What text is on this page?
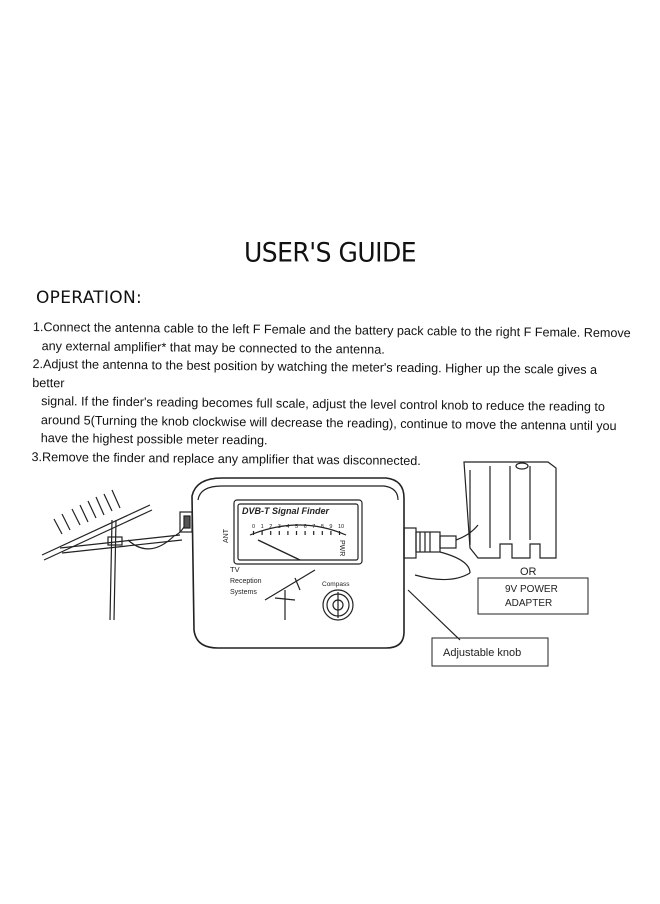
USER'S GUIDE
OPERATION:

1.Connect the antenna cable to the left F Female and the battery pack cable to the right F Female. Remove

any external amplifier* that may be connected to the antenna.

2.Adjust the antenna to the best position by watching the meter's reading. Higher up the scale gives a better

signal. If the finder's reading becomes full scale, adjust the level control knob to reduce the reading to

around 5(Turning the knob clockwise will decrease the reading), continue to move the antenna until you

have the highest possible meter reading.

3.Remove the finder and replace any amplifier that was disconnected.

DVB-T Signal Finder
ANT
PWR
0 1 2 3 4 5 6 7 8 9 10
TV
Reception
Systems
Compass
OR
9V POWER
ADAPTER
Adjustable knob
